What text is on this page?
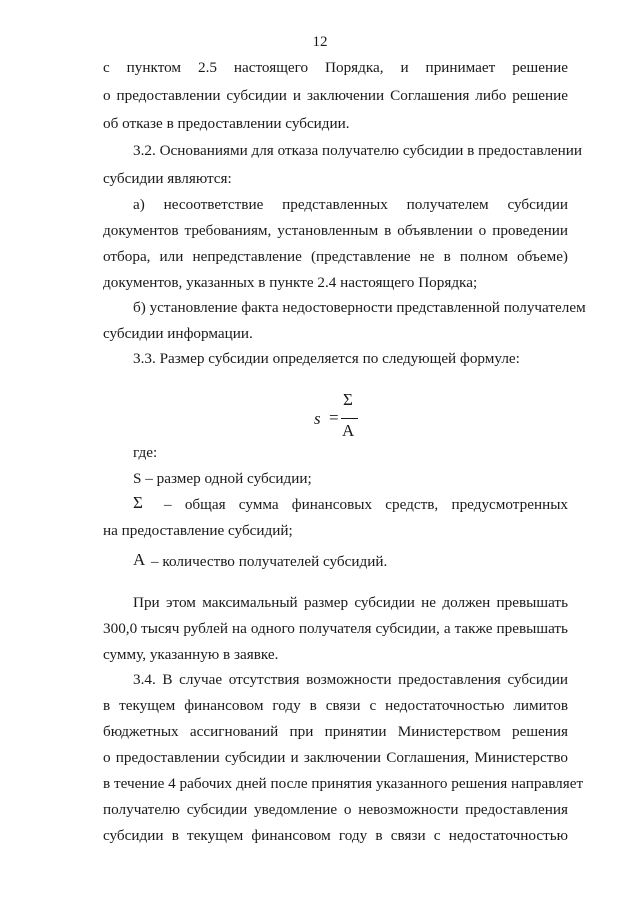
12
с пунктом 2.5 настоящего Порядка, и принимает решение
о предоставлении субсидии и заключении Соглашения либо решение
об отказе в предоставлении субсидии.
3.2. Основаниями для отказа получателю субсидии в предоставлении
субсидии являются:
а) несоответствие представленных получателем субсидии
документов требованиям, установленным в объявлении о проведении
отбора, или непредставление (представление не в полном объеме)
документов, указанных в пункте 2.4 настоящего Порядка;
б) установление факта недостоверности представленной получателем
субсидии информации.
3.3. Размер субсидии определяется по следующей формуле:
s =
Σ
A
где:
S – размер одной субсидии;
Σ	– общая сумма финансовых средств, предусмотренных
на предоставление субсидий;
A – количество получателей субсидий.
При этом максимальный размер субсидии не должен превышать
300,0 тысяч рублей на одного получателя субсидии, а также превышать
сумму, указанную в заявке.
3.4. В случае отсутствия возможности предоставления субсидии
в текущем финансовом году в связи с недостаточностью лимитов
бюджетных ассигнований при принятии Министерством решения
о предоставлении субсидии и заключении Соглашения, Министерство
в течение 4 рабочих дней после принятия указанного решения направляет
получателю субсидии уведомление о невозможности предоставления
субсидии в текущем финансовом году в связи с недостаточностью
